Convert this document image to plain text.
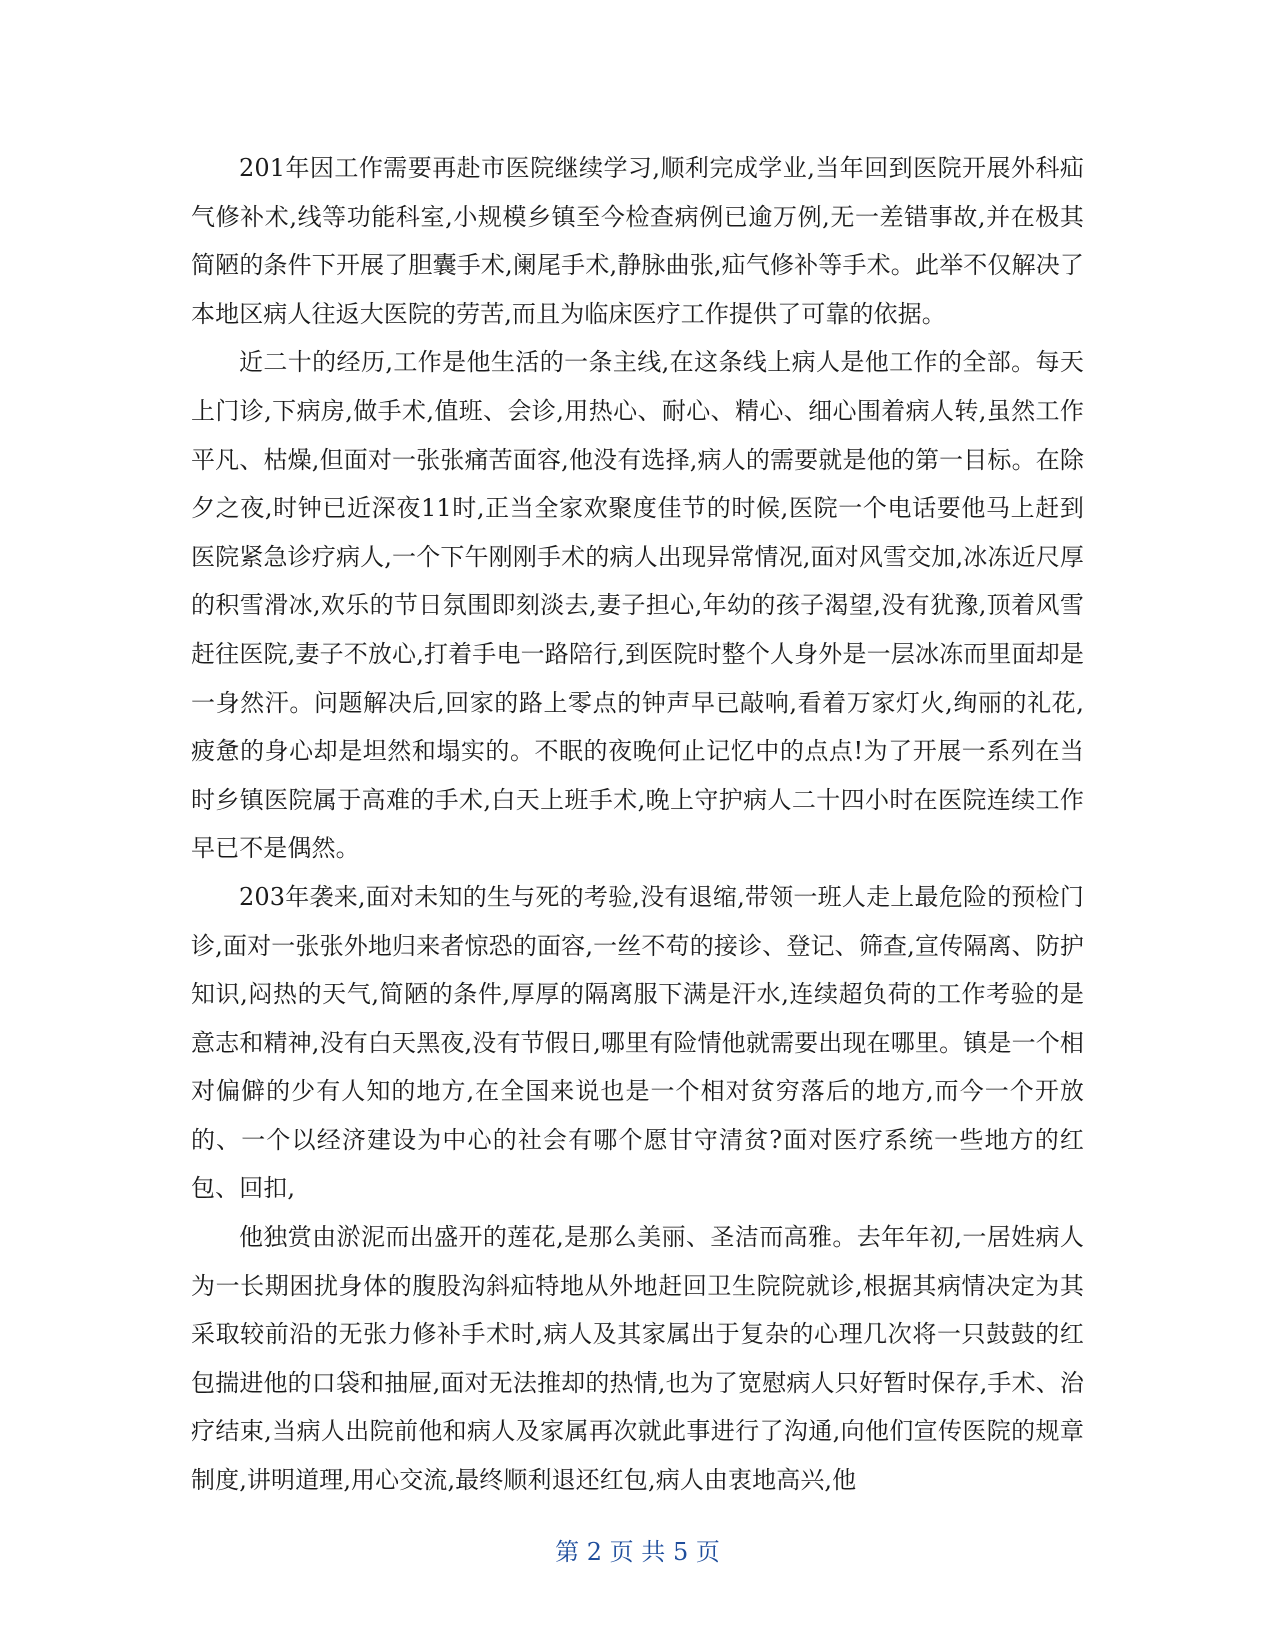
201年因工作需要再赴市医院继续学习,顺利完成学业,当年回到医院开展外科疝气修补术,线等功能科室,小规模乡镇至今检查病例已逾万例,无一差错事故,并在极其简陋的条件下开展了胆囊手术,阑尾手术,静脉曲张,疝气修补等手术。此举不仅解决了本地区病人往返大医院的劳苦,而且为临床医疗工作提供了可靠的依据。

近二十的经历,工作是他生活的一条主线,在这条线上病人是他工作的全部。每天上门诊,下病房,做手术,值班、会诊,用热心、耐心、精心、细心围着病人转,虽然工作平凡、枯燥,但面对一张张痛苦面容,他没有选择,病人的需要就是他的第一目标。在除夕之夜,时钟已近深夜11时,正当全家欢聚度佳节的时候,医院一个电话要他马上赶到医院紧急诊疗病人,一个下午刚刚手术的病人出现异常情况,面对风雪交加,冰冻近尺厚的积雪滑冰,欢乐的节日氛围即刻淡去,妻子担心,年幼的孩子渴望,没有犹豫,顶着风雪赶往医院,妻子不放心,打着手电一路陪行,到医院时整个人身外是一层冰冻而里面却是一身然汗。问题解决后,回家的路上零点的钟声早已敲响,看着万家灯火,绚丽的礼花,疲惫的身心却是坦然和塌实的。不眠的夜晚何止记忆中的点点!为了开展一系列在当时乡镇医院属于高难的手术,白天上班手术,晚上守护病人二十四小时在医院连续工作早已不是偶然。

203年袭来,面对未知的生与死的考验,没有退缩,带领一班人走上最危险的预检门诊,面对一张张外地归来者惊恐的面容,一丝不苟的接诊、登记、筛查,宣传隔离、防护知识,闷热的天气,简陋的条件,厚厚的隔离服下满是汗水,连续超负荷的工作考验的是意志和精神,没有白天黑夜,没有节假日,哪里有险情他就需要出现在哪里。镇是一个相对偏僻的少有人知的地方,在全国来说也是一个相对贫穷落后的地方,而今一个开放的、一个以经济建设为中心的社会有哪个愿甘守清贫?面对医疗系统一些地方的红包、回扣,

他独赏由淤泥而出盛开的莲花,是那么美丽、圣洁而高雅。去年年初,一居姓病人为一长期困扰身体的腹股沟斜疝特地从外地赶回卫生院院就诊,根据其病情决定为其采取较前沿的无张力修补手术时,病人及其家属出于复杂的心理几次将一只鼓鼓的红包揣进他的口袋和抽屉,面对无法推却的热情,也为了宽慰病人只好暂时保存,手术、治疗结束,当病人出院前他和病人及家属再次就此事进行了沟通,向他们宣传医院的规章制度,讲明道理,用心交流,最终顺利退还红包,病人由衷地高兴,他

第 2 页 共 5 页
